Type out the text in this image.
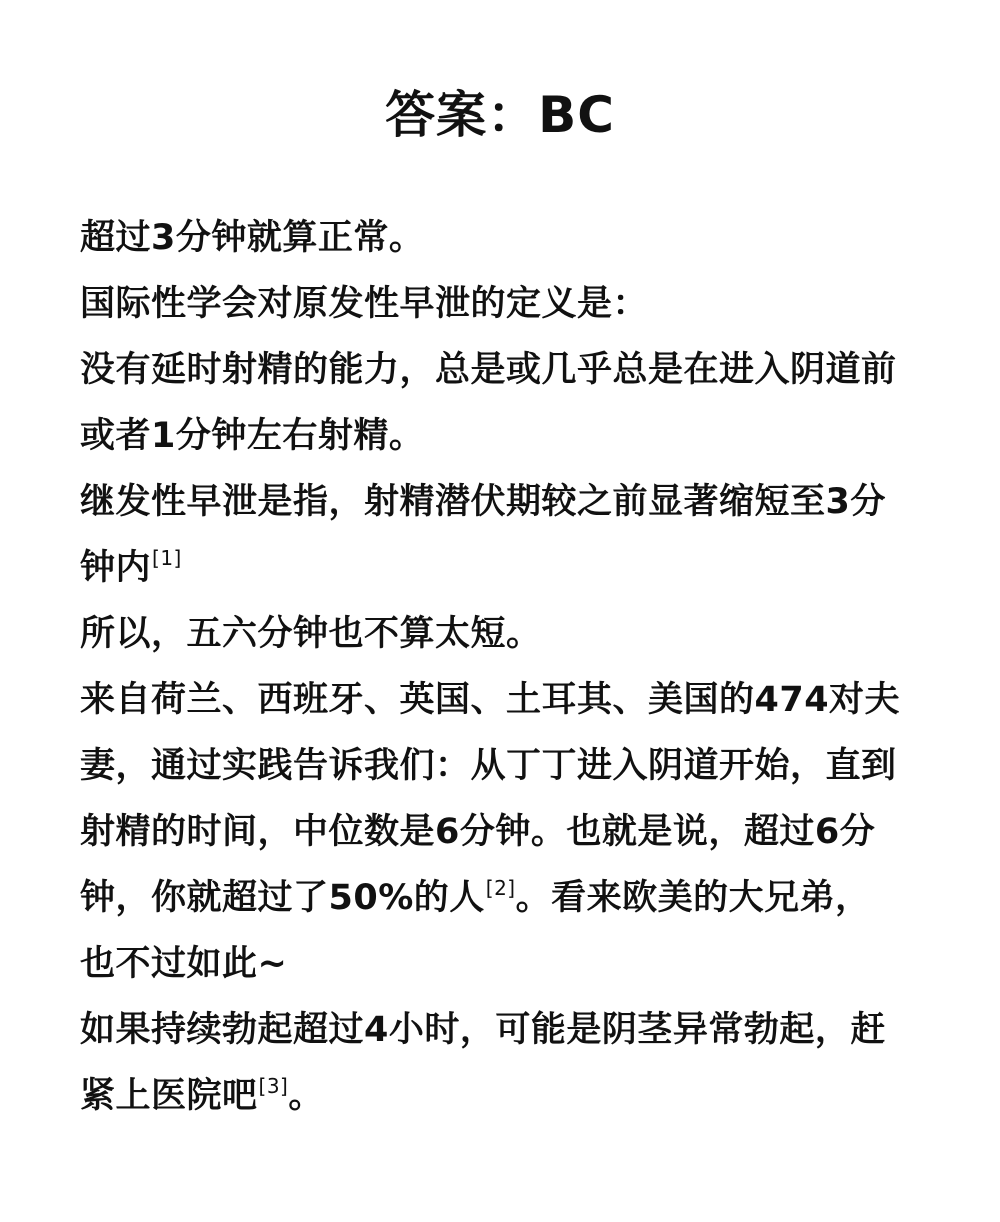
答案：BC
超过3分钟就算正常。
国际性学会对原发性早泄的定义是：
没有延时射精的能力，总是或几乎总是在进入阴道前
或者1分钟左右射精。
继发性早泄是指，射精潜伏期较之前显著缩短至3分
钟内[1]
所以，五六分钟也不算太短。
来自荷兰、西班牙、英国、土耳其、美国的474对夫
妻，通过实践告诉我们：从丁丁进入阴道开始，直到
射精的时间，中位数是6分钟。也就是说，超过6分
钟，你就超过了50%的人[2]。看来欧美的大兄弟，
也不过如此~
如果持续勃起超过4小时，可能是阴茎异常勃起，赶
紧上医院吧[3]。
